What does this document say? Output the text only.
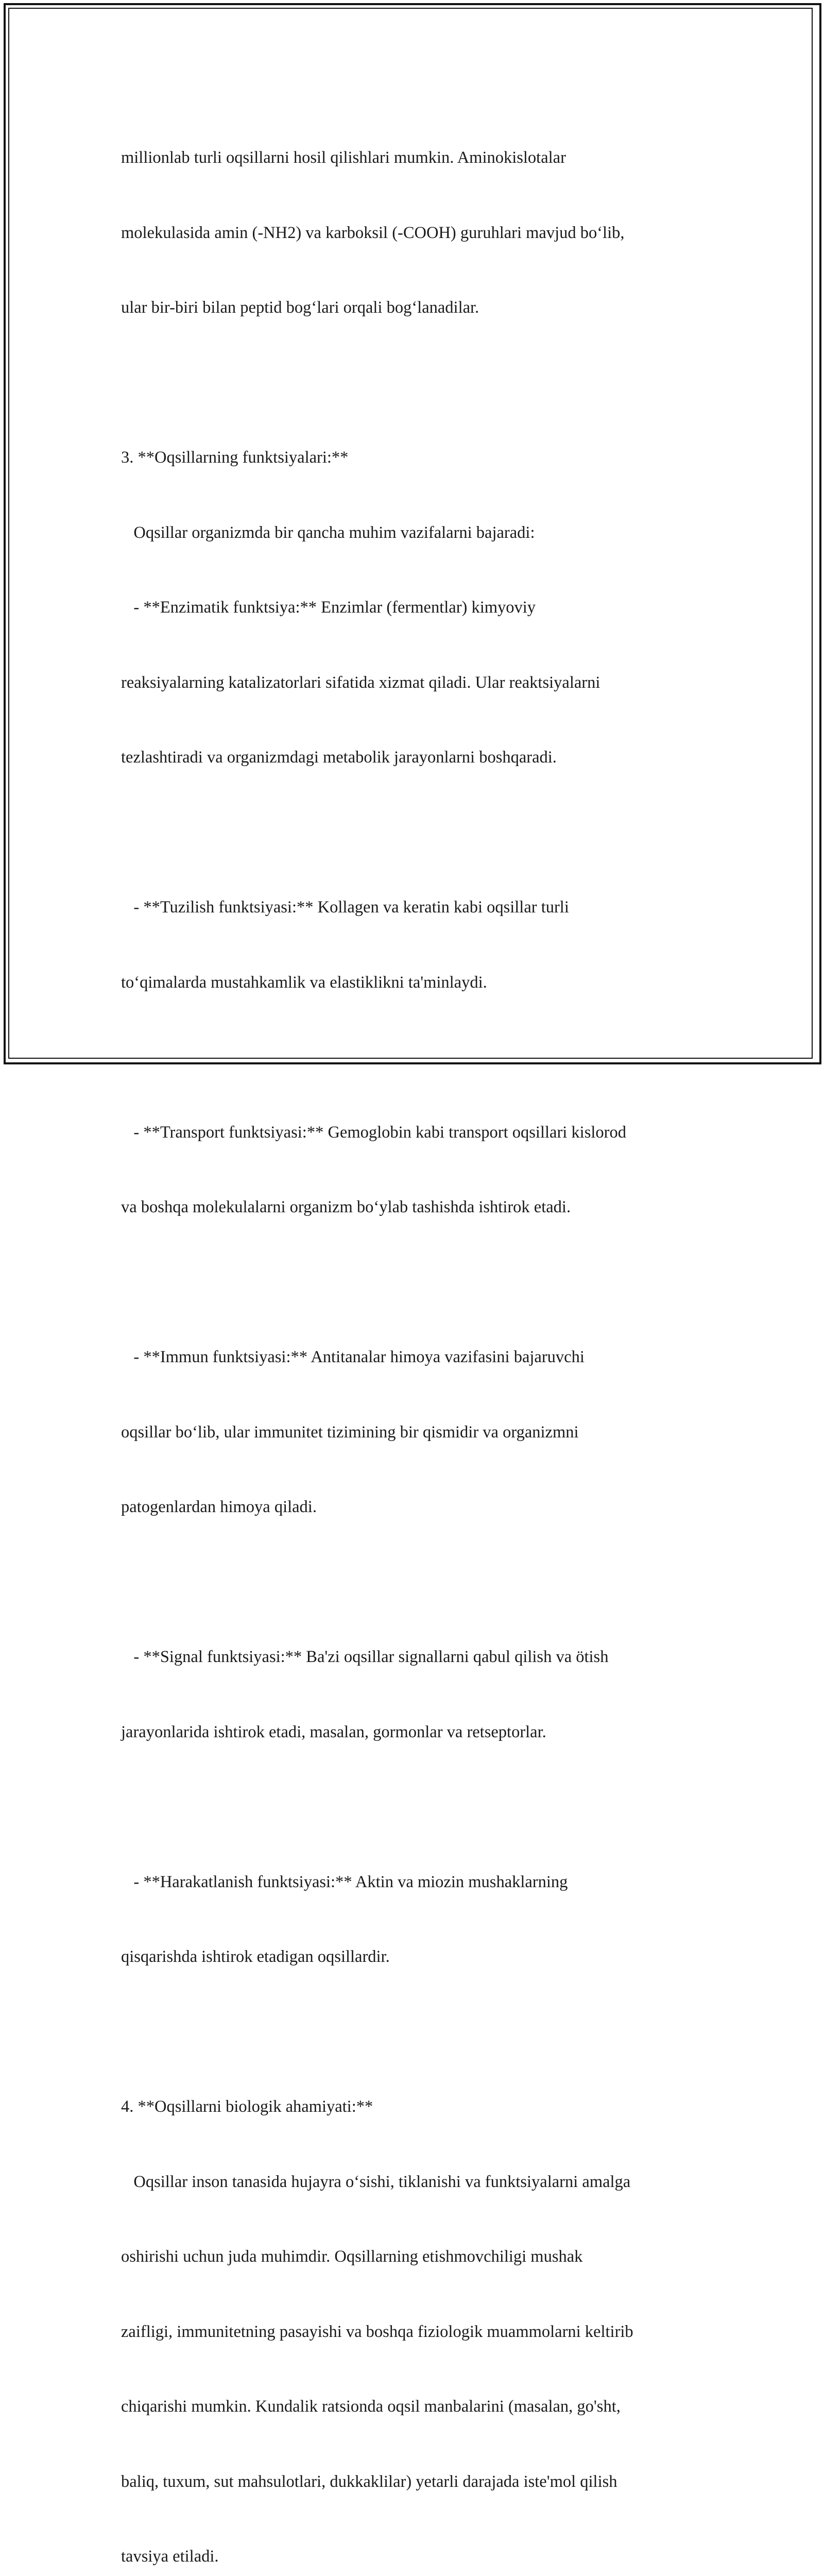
millionlab turli oqsillarni hosil qilishlari mumkin. Aminokislotalar

molekulasida amin (-NH2) va karboksil (-COOH) guruhlari mavjud bo‘lib,

ular bir-biri bilan peptid bog‘lari orqali bog‘lanadilar.

3. **Oqsillarning funktsiyalari:**

Oqsillar organizmda bir qancha muhim vazifalarni bajaradi:

- **Enzimatik funktsiya:** Enzimlar (fermentlar) kimyoviy

reaksiyalarning katalizatorlari sifatida xizmat qiladi. Ular reaktsiyalarni

tezlashtiradi va organizmdagi metabolik jarayonlarni boshqaradi.

- **Tuzilish funktsiyasi:** Kollagen va keratin kabi oqsillar turli

to‘qimalarda mustahkamlik va elastiklikni ta'minlaydi.

- **Transport funktsiyasi:** Gemoglobin kabi transport oqsillari kislorod

va boshqa molekulalarni organizm bo‘ylab tashishda ishtirok etadi.

- **Immun funktsiyasi:** Antitanalar himoya vazifasini bajaruvchi

oqsillar bo‘lib, ular immunitet tizimining bir qismidir va organizmni

patogenlardan himoya qiladi.

- **Signal funktsiyasi:** Ba'zi oqsillar signallarni qabul qilish va ötish

jarayonlarida ishtirok etadi, masalan, gormonlar va retseptorlar.

- **Harakatlanish funktsiyasi:** Aktin va miozin mushaklarning

qisqarishda ishtirok etadigan oqsillardir.

4. **Oqsillarni biologik ahamiyati:**

Oqsillar inson tanasida hujayra o‘sishi, tiklanishi va funktsiyalarni amalga

oshirishi uchun juda muhimdir. Oqsillarning etishmovchiligi mushak

zaifligi, immunitetning pasayishi va boshqa fiziologik muammolarni keltirib

chiqarishi mumkin. Kundalik ratsionda oqsil manbalarini (masalan, go'sht,

baliq, tuxum, sut mahsulotlari, dukkaklilar) yetarli darajada iste'mol qilish

tavsiya etiladi.
